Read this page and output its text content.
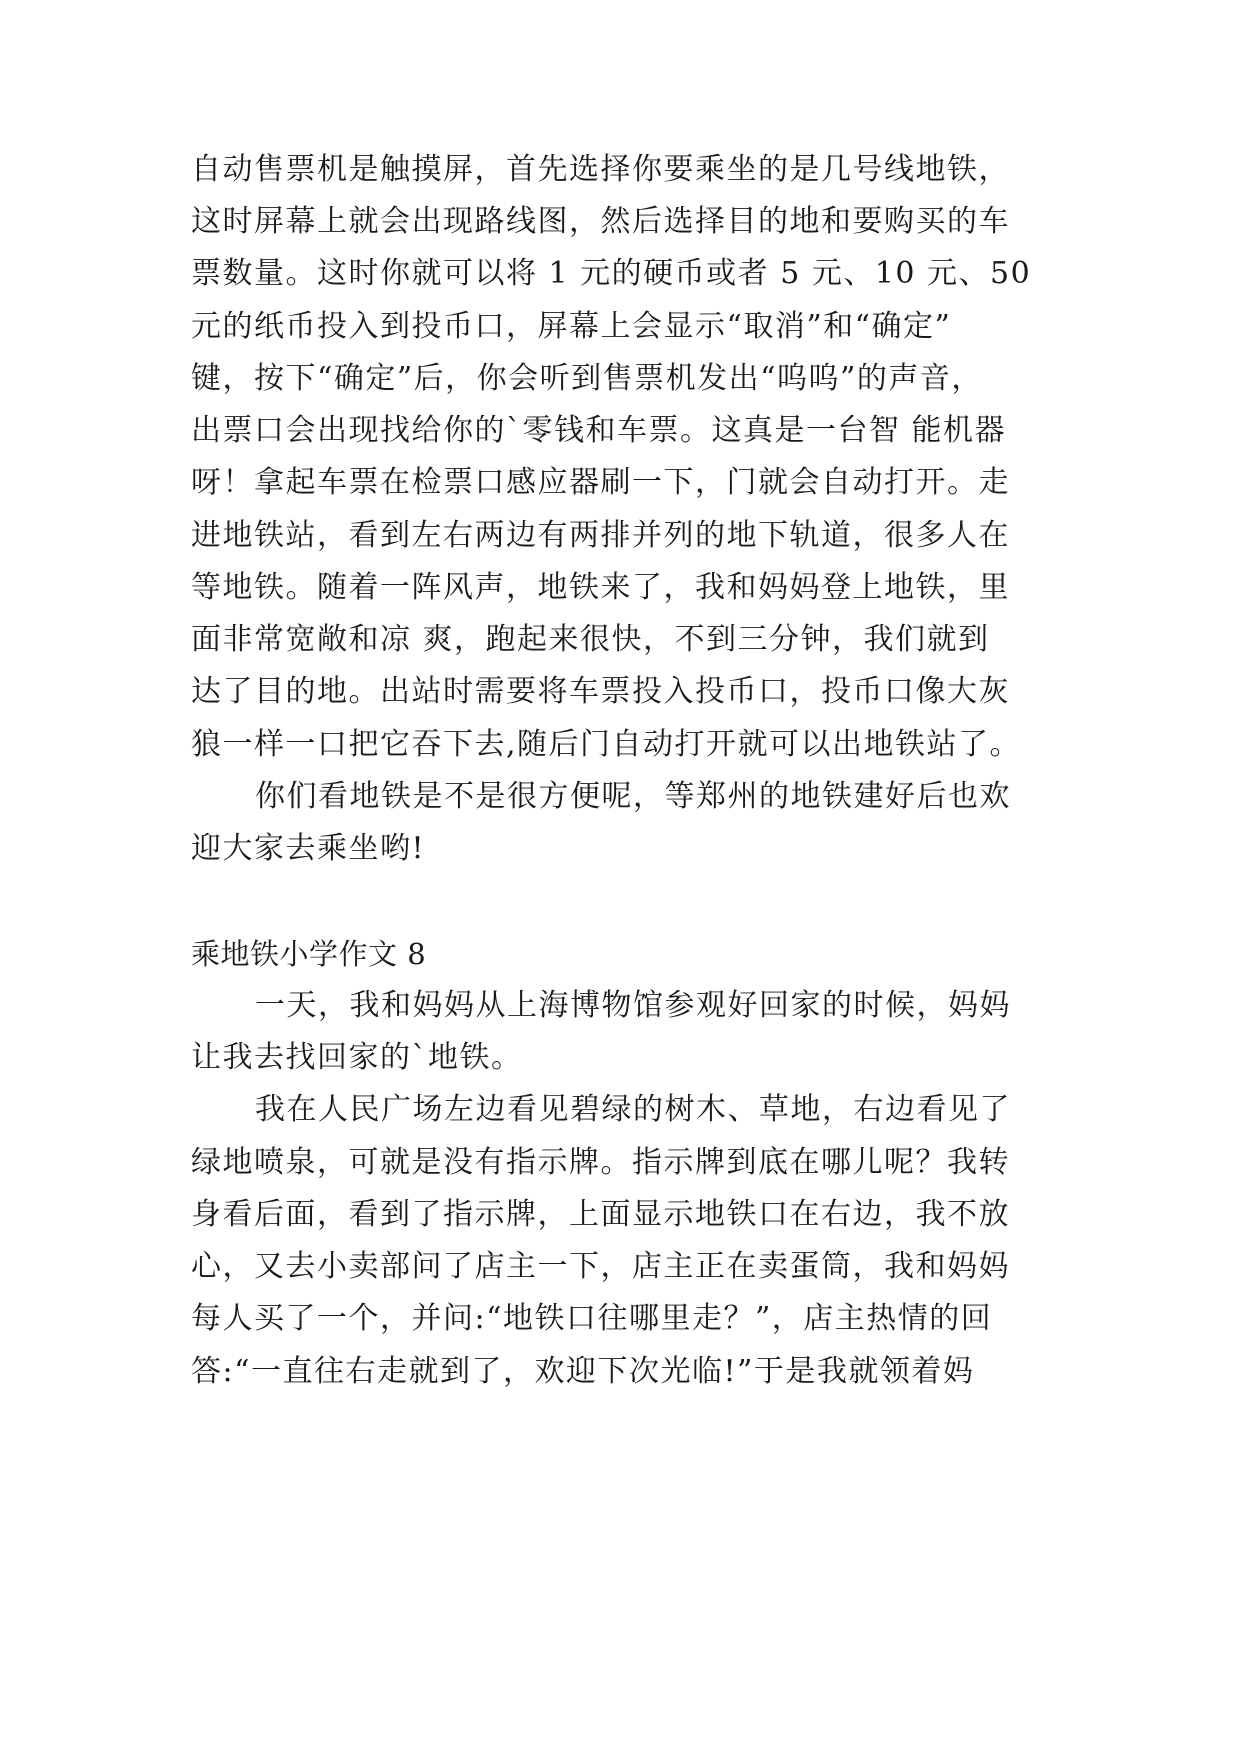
自动售票机是触摸屏，首先选择你要乘坐的是几号线地铁，
这时屏幕上就会出现路线图，然后选择目的地和要购买的车
票数量。这时你就可以将 1 元的硬币或者 5 元、10 元、50
元的纸币投入到投币口，屏幕上会显示“取消”和“确定”
键，按下“确定”后，你会听到售票机发出“呜呜”的声音，
出票口会出现找给你的`零钱和车票。这真是一台智 能机器
呀！拿起车票在检票口感应器刷一下，门就会自动打开。走
进地铁站，看到左右两边有两排并列的地下轨道，很多人在
等地铁。随着一阵风声，地铁来了，我和妈妈登上地铁，里
面非常宽敞和凉 爽，跑起来很快，不到三分钟，我们就到
达了目的地。出站时需要将车票投入投币口，投币口像大灰
狼一样一口把它吞下去,随后门自动打开就可以出地铁站了。
你们看地铁是不是很方便呢，等郑州的地铁建好后也欢
迎大家去乘坐哟!
乘地铁小学作文 8
一天，我和妈妈从上海博物馆参观好回家的时候，妈妈
让我去找回家的`地铁。
我在人民广场左边看见碧绿的树木、草地，右边看见了
绿地喷泉，可就是没有指示牌。指示牌到底在哪儿呢？我转
身看后面，看到了指示牌，上面显示地铁口在右边，我不放
心，又去小卖部问了店主一下，店主正在卖蛋筒，我和妈妈
每人买了一个，并问:“地铁口往哪里走？”，店主热情的回
答:“一直往右走就到了，欢迎下次光临!”于是我就领着妈
